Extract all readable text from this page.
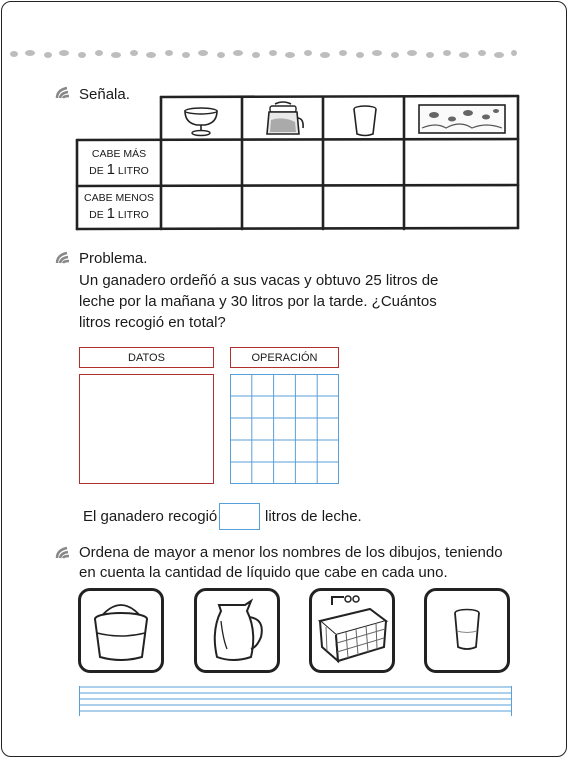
Señala.
CABE MÁS
DE 1 LITRO
CABE MENOS
DE 1 LITRO
Problema.
Un ganadero ordeñó a sus vacas y obtuvo 25 litros de
leche por la mañana y 30 litros por la tarde. ¿Cuántos
litros recogió en total?
DATOS	OPERACIÓN
El ganadero recogió	litros de leche.
Ordena de mayor a menor los nombres de los dibujos, teniendo
en cuenta la cantidad de líquido que cabe en cada uno.
